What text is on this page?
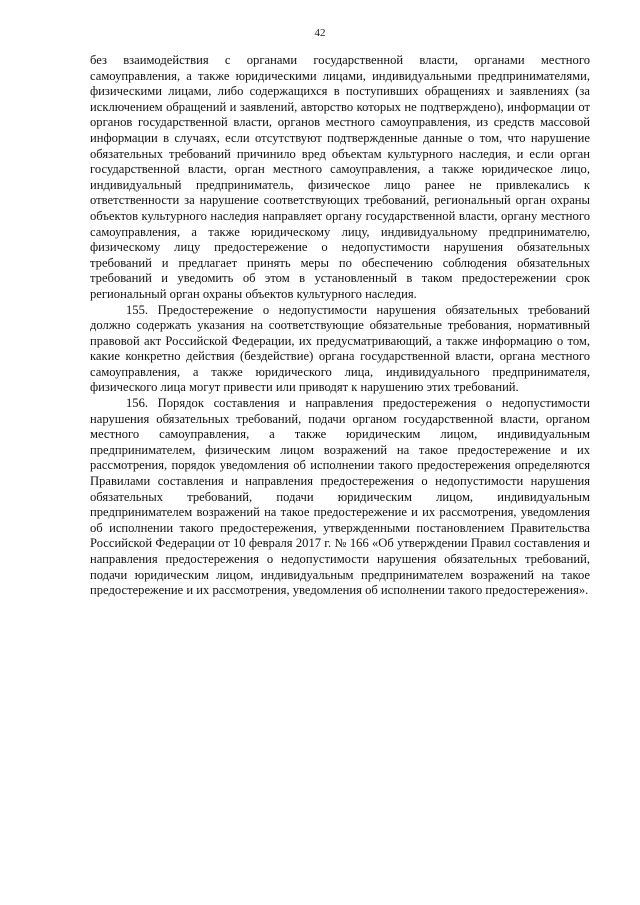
42

без взаимодействия с органами государственной власти, органами местного самоуправления, а также юридическими лицами, индивидуальными предпринимателями, физическими лицами, либо содержащихся в поступивших обращениях и заявлениях (за исключением обращений и заявлений, авторство которых не подтверждено), информации от органов государственной власти, органов местного самоуправления, из средств массовой информации в случаях, если отсутствуют подтвержденные данные о том, что нарушение обязательных требований причинило вред объектам культурного наследия, и если орган государственной власти, орган местного самоуправления, а также юридическое лицо, индивидуальный предприниматель, физическое лицо ранее не привлекались к ответственности за нарушение соответствующих требований, региональный орган охраны объектов культурного наследия направляет органу государственной власти, органу местного самоуправления, а также юридическому лицу, индивидуальному предпринимателю, физическому лицу предостережение о недопустимости нарушения обязательных требований и предлагает принять меры по обеспечению соблюдения обязательных требований и уведомить об этом в установленный в таком предостережении срок региональный орган охраны объектов культурного наследия.

155. Предостережение о недопустимости нарушения обязательных требований должно содержать указания на соответствующие обязательные требования, нормативный правовой акт Российской Федерации, их предусматривающий, а также информацию о том, какие конкретно действия (бездействие) органа государственной власти, органа местного самоуправления, а также юридического лица, индивидуального предпринимателя, физического лица могут привести или приводят к нарушению этих требований.

156. Порядок составления и направления предостережения о недопустимости нарушения обязательных требований, подачи органом государственной власти, органом местного самоуправления, а также юридическим лицом, индивидуальным предпринимателем, физическим лицом возражений на такое предостережение и их рассмотрения, порядок уведомления об исполнении такого предостережения определяются Правилами составления и направления предостережения о недопустимости нарушения обязательных требований, подачи юридическим лицом, индивидуальным предпринимателем возражений на такое предостережение и их рассмотрения, уведомления об исполнении такого предостережения, утвержденными постановлением Правительства Российской Федерации от 10 февраля 2017 г. № 166 «Об утверждении Правил составления и направления предостережения о недопустимости нарушения обязательных требований, подачи юридическим лицом, индивидуальным предпринимателем возражений на такое предостережение и их рассмотрения, уведомления об исполнении такого предостережения».
